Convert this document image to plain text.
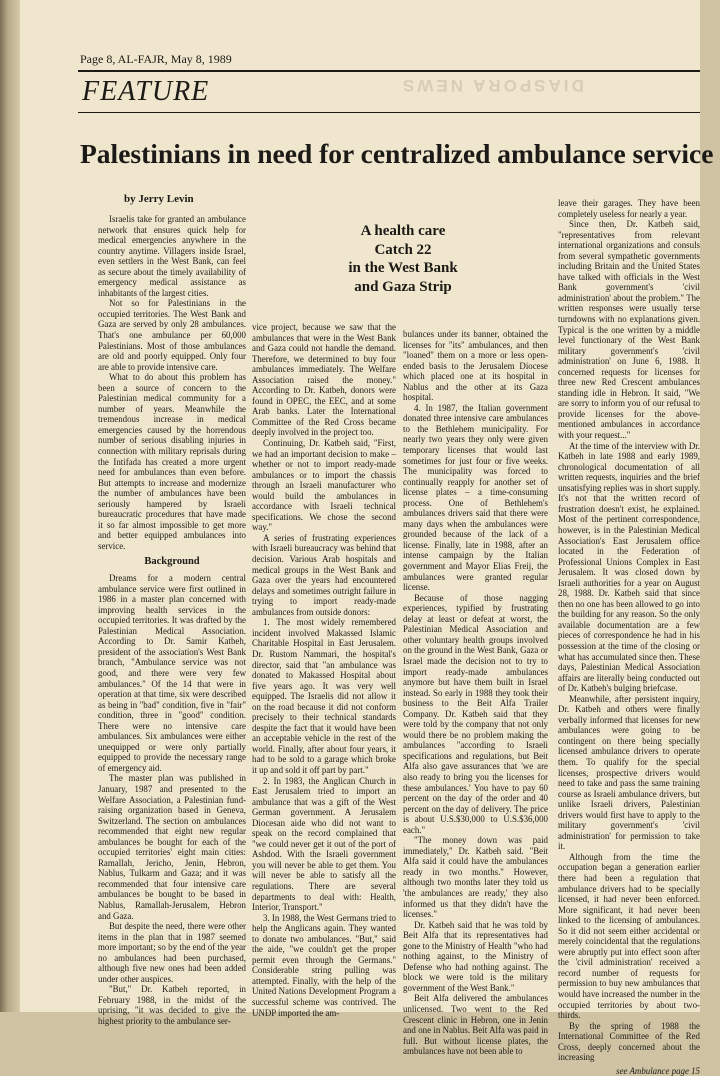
DIASPORA NEWS
Page 8, AL-FAJR, May 8, 1989
FEATURE
Palestinians in need for centralized ambulance service
by Jerry Levin
A health care
Catch 22
in the West Bank
and Gaza Strip

Israelis take for granted an ambulance network that ensures quick help for medical emergencies anywhere in the country anytime. Villagers inside Israel, even settlers in the West Bank, can feel as secure about the timely availability of emergency medical assistance as inhabitants of the largest cities.

Not so for Palestinians in the occupied territories. The West Bank and Gaza are served by only 28 ambulances. That's one ambulance per 60,000 Palestinians. Most of those ambulances are old and poorly equipped. Only four are able to provide intensive care.

What to do about this problem has been a source of concern to the Palestinian medical community for a number of years. Meanwhile the tremendous increase in medical emergencies caused by the horrendous number of serious disabling injuries in connection with military reprisals during the Intifada has created a more urgent need for ambulances than even before. But attempts to increase and modernize the number of ambulances have been seriously hampered by Israeli bureaucratic procedures that have made it so far almost impossible to get more and better equipped ambulances into service.

Background

Dreams for a modern central ambulance service were first outlined in 1986 in a master plan concerned with improving health services in the occupied territories. It was drafted by the Palestinian Medical Association. According to Dr. Samir Katbeh, president of the association's West Bank branch, "Ambulance service was not good, and there were very few ambulances." Of the 14 that were in operation at that time, six were described as being in "bad" condition, five in "fair" condition, three in "good" condition. There were no intensive care ambulances. Six ambulances were either unequipped or were only partially equipped to provide the necessary range of emergency aid.

The master plan was published in January, 1987 and presented to the Welfare Association, a Palestinian fund-raising organization based in Geneva, Switzerland. The section on ambulances recommended that eight new regular ambulances be bought for each of the occupied territories' eight main cities: Ramallah, Jericho, Jenin, Hebron, Nablus, Tulkarm and Gaza; and it was recommended that four intensive care ambulances be bought to be based in Nablus, Ramallah-Jerusalem, Hebron and Gaza.

But despite the need, there were other items in the plan that in 1987 seemed more important; so by the end of the year no ambulances had been purchased, although five new ones had been added under other auspices.

"But," Dr. Katbeh reported, in February 1988, in the midst of the uprising, "it was decided to give the highest priority to the ambulance ser-

vice project, because we saw that the ambulances that were in the West Bank and Gaza could not handle the demand. Therefore, we determined to buy four ambulances immediately. The Welfare Association raised the money." According to Dr. Katbeh, donors were found in OPEC, the EEC, and at some Arab banks. Later the International Committee of the Red Cross became deeply involved in the project too.

Continuing, Dr. Katbeh said, "First, we had an important decision to make – whether or not to import ready-made ambulances or to import the chassis through an Israeli manufacturer who would build the ambulances in accordance with Israeli technical specifications. We chose the second way."

A series of frustrating experiences with Israeli bureaucracy was behind that decision. Various Arab hospitals and medical groups in the West Bank and Gaza over the years had encountered delays and sometimes outright failure in trying to import ready-made ambulances from outside donors:

1. The most widely remembered incident involved Makassed Islamic Charitable Hospital in East Jerusalem. Dr. Rustom Nammari, the hospital's director, said that "an ambulance was donated to Makassed Hospital about five years ago. It was very well equipped. The Israelis did not allow it on the road because it did not conform precisely to their technical standards despite the fact that it would have been an acceptable vehicle in the rest of the world. Finally, after about four years, it had to be sold to a garage which broke it up and sold it off part by part."

2. In 1983, the Anglican Church in East Jerusalem tried to import an ambulance that was a gift of the West German government. A Jerusalem Diocesan aide who did not want to speak on the record complained that "we could never get it out of the port of Ashdod. With the Israeli government you will never be able to get them. You will never be able to satisfy all the regulations. There are several departments to deal with: Health, Interior, Transport."

3. In 1988, the West Germans tried to help the Anglicans again. They wanted to donate two ambulances. "But," said the aide, "we couldn't get the proper permit even through the Germans." Considerable string pulling was attempted. Finally, with the help of the United Nations Development Program a successful scheme was contrived. The UNDP imported the am-

bulances under its banner, obtained the licenses for "its" ambulances, and then "loaned" them on a more or less open-ended basis to the Jerusalem Diocese which placed one at its hospital in Nablus and the other at its Gaza hospital.

4. In 1987, the Italian government donated three intensive care ambulances to the Bethlehem municipality. For nearly two years they only were given temporary licenses that would last sometimes for just four or five weeks. The municipality was forced to continually reapply for another set of license plates – a time-consuming process. One of Bethlehem's ambulances drivers said that there were many days when the ambulances were grounded because of the lack of a license. Finally, late in 1988, after an intense campaign by the Italian government and Mayor Elias Freij, the ambulances were granted regular license.

Because of those nagging experiences, typified by frustrating delay at least or defeat at worst, the Palestinian Medical Association and other voluntary health groups involved on the ground in the West Bank, Gaza or Israel made the decision not to try to import ready-made ambulances anymore but have them built in Israel instead. So early in 1988 they took their business to the Beit Alfa Trailer Company. Dr. Katbeh said that they were told by the company that not only would there be no problem making the ambulances "according to Israeli specifications and regulations, but Beit Alfa also gave assurances that 'we are also ready to bring you the licenses for these ambulances.' You have to pay 60 percent on the day of the order and 40 percent on the day of delivery. The price is about U.S.$30,000 to U.S.$36,000 each."

"The money down was paid immediately," Dr. Katbeh said. "Beit Alfa said it could have the ambulances ready in two months." However, although two months later they told us 'the ambulances are ready,' they also informed us that they didn't have the licenses."

Dr. Katbeh said that he was told by Beit Alfa that its representatives had gone to the Ministry of Health "who had nothing against, to the Ministry of Defense who had nothing against. The block we were told is the military government of the West Bank."

Beit Alfa delivered the ambulances unlicensed. Two went to the Red Crescent clinic in Hebron, one in Jenin and one in Nablus. Beit Alfa was paid in full. But without license plates, the ambulances have not been able to

leave their garages. They have been completely useless for nearly a year.

Since then, Dr. Katbeh said, "representatives from relevant international organizations and consuls from several sympathetic governments including Britain and the United States have talked with officials in the West Bank government's 'civil administration' about the problem." The written responses were usually terse turndowns with no explanations given. Typical is the one written by a middle level functionary of the West Bank military government's 'civil administration' on June 6, 1988. It concerned requests for licenses for three new Red Crescent ambulances standing idle in Hebron. It said, "We are sorry to inform you of our refusal to provide licenses for the above-mentioned ambulances in accordance with your request..."

At the time of the interview with Dr. Katbeh in late 1988 and early 1989, chronological documentation of all written requests, inquiries and the brief unsatisfying replies was in short supply. It's not that the written record of frustration doesn't exist, he explained. Most of the pertinent correspondence, however, is in the Palestinian Medical Association's East Jerusalem office located in the Federation of Professional Unions Complex in East Jerusalem. It was closed down by Israeli authorities for a year on August 28, 1988. Dr. Katbeh said that since then no one has been allowed to go into the building for any reason. So the only available documentation are a few pieces of correspondence he had in his possession at the time of the closing or what has accumulated since then. These days, Palestinian Medical Association affairs are literally being conducted out of Dr. Katbeh's bulging briefcase.

Meanwhile, after persistent inquiry, Dr. Katbeh and others were finally verbally informed that licenses for new ambulances were going to be contingent on there being specially licensed ambulance drivers to operate them. To qualify for the special licenses, prospective drivers would need to take and pass the same training course as Israeli ambulance drivers, but unlike Israeli drivers, Palestinian drivers would first have to apply to the military government's 'civil administration' for permission to take it.

Although from the time the occupation began a generation earlier there had been a regulation that ambulance drivers had to be specially licensed, it had never been enforced. More significant, it had never been linked to the licensing of ambulances. So it did not seem either accidental or merely coincidental that the regulations were abruptly put into effect soon after the 'civil administration' received a record number of requests for permission to buy new ambulances that would have increased the number in the occupied territories by about two-thirds.

By the spring of 1988 the International Committee of the Red Cross, deeply concerned about the increasing

see Ambulance page 15
